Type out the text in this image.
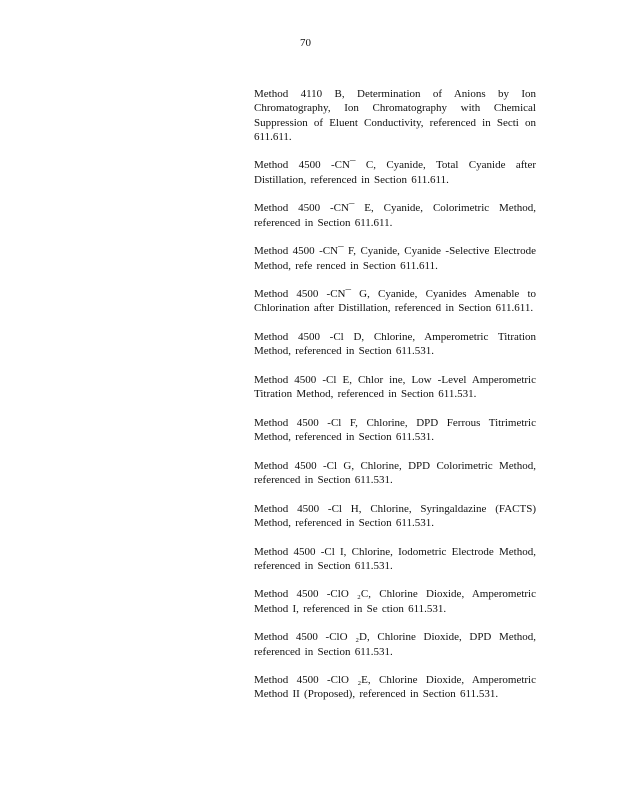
70
Method 4110 B, Determination of Anions by Ion Chromatography, Ion Chromatography with Chemical Suppression of Eluent Conductivity, referenced in Secti on 611.611.
Method 4500 -CN¯ C, Cyanide, Total Cyanide after Distillation, referenced in Section 611.611.
Method 4500 -CN¯ E, Cyanide, Colorimetric Method, referenced in Section 611.611.
Method 4500 -CN¯ F, Cyanide, Cyanide -Selective Electrode Method, refe renced in Section 611.611.
Method 4500 -CN¯ G, Cyanide, Cyanides Amenable to Chlorination after Distillation, referenced in Section 611.611.
Method 4500 -Cl D, Chlorine, Amperometric Titration Method, referenced in Section 611.531.
Method 4500 -Cl E, Chlor ine, Low -Level Amperometric Titration Method, referenced in Section 611.531.
Method 4500 -Cl F, Chlorine, DPD Ferrous Titrimetric Method, referenced in Section 611.531.
Method 4500 -Cl G, Chlorine, DPD Colorimetric Method, referenced in Section 611.531.
Method 4500 -Cl H, Chlorine, Syringaldazine (FACTS) Method, referenced in Section 611.531.
Method 4500 -Cl I, Chlorine, Iodometric Electrode Method, referenced in Section 611.531.
Method 4500 -ClO ₂C, Chlorine Dioxide, Amperometric Method I, referenced in Se ction 611.531.
Method 4500 -ClO ₂D, Chlorine Dioxide, DPD Method, referenced in Section 611.531.
Method 4500 -ClO ₂E, Chlorine Dioxide, Amperometric Method II (Proposed), referenced in Section 611.531.
